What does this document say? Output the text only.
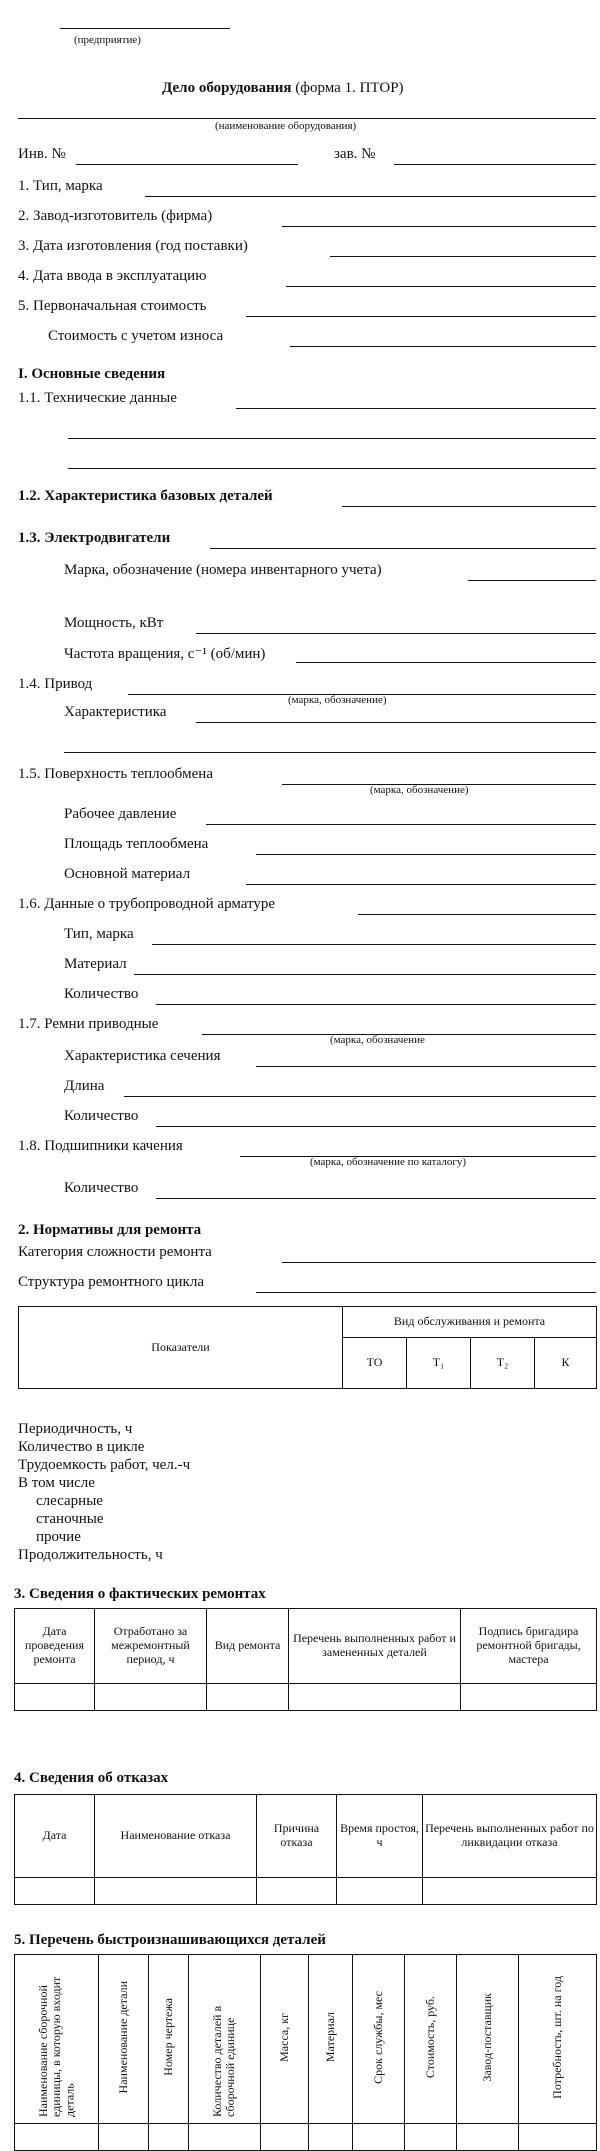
(предприятие)
Дело оборудования (форма 1. ПТОР)
(наименование оборудования)
Инв. №	зав. №
1. Тип, марка
2. Завод-изготовитель (фирма)
3. Дата изготовления (год поставки)
4. Дата ввода в эксплуатацию
5. Первоначальная стоимость
Стоимость с учетом износа
I. Основные сведения
1.1. Технические данные
1.2. Характеристика базовых деталей
1.3. Электродвигатели
Марка, обозначение (номера инвентарного учета)
Мощность, кВт
Частота вращения, с⁻¹ (об/мин)
1.4. Привод
(марка, обозначение)
Характеристика
1.5. Поверхность теплообмена
(марка, обозначение)
Рабочее давление
Площадь теплообмена
Основной материал
1.6. Данные о трубопроводной арматуре
Тип, марка
Материал
Количество
1.7. Ремни приводные
(марка, обозначение
Характеристика сечения
Длина
Количество
1.8. Подшипники качения
(марка, обозначение по каталогу)
Количество
2. Нормативы для ремонта
Категория сложности ремонта
Структура ремонтного цикла
Показатели	Вид обслуживания и ремонта			
	ТО	Т₁	Т₂	К
Периодичность, ч
Количество в цикле
Трудоемкость работ, чел.-ч
В том числе
слесарные
станочные
прочие
Продолжительность, ч
3. Сведения о фактических ремонтах
Дата проведения ремонта	Отработано за межремонтный период, ч	Вид ремонта	Перечень выполненных работ и замененных деталей	Подпись бригадира ремонтной бригады, мастера

4. Сведения об отказах
Дата	Наименование отказа	Причина отказа	Время простоя, ч	Перечень выполненных работ по ликвидации отказа

5. Перечень быстроизнашивающихся деталей
Наименование сборочной единицы, в которую входит деталь	Наименование детали	Номер чертежа	Количество деталей в сборочной единице	Масса, кг	Материал	Срок службы, мес	Стоимость, руб.	Завод-поставщик	Потребность, шт. на год
